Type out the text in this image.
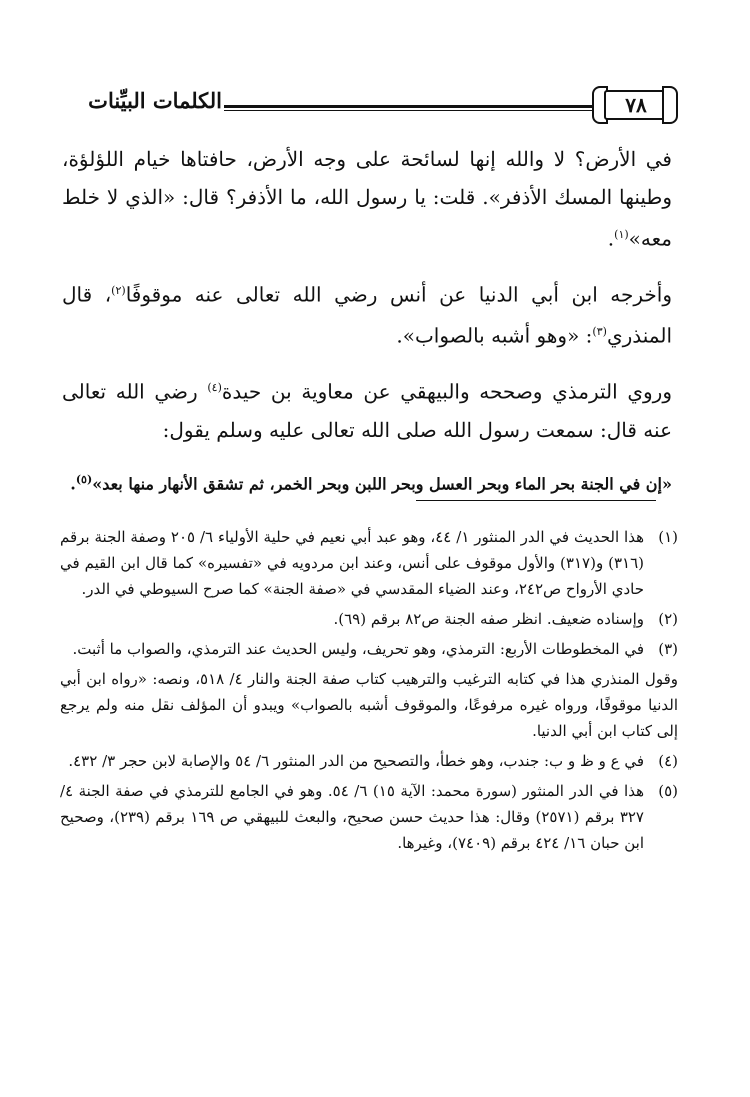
الكلمات البيِّنات	٧٨

في الأرض؟ لا والله إنها لسائحة على وجه الأرض، حافتاها خيام اللؤلؤة، وطينها المسك الأذفر». قلت: يا رسول الله، ما الأذفر؟ قال: «الذي لا خلط معه»$^{(١)}$.

وأخرجه ابن أبي الدنيا عن أنس رضي الله تعالى عنه موقوفًا$^{(٢)}$، قال المنذري$^{(٣)}$: «وهو أشبه بالصواب».

وروي الترمذي وصححه والبيهقي عن معاوية بن حيدة$^{(٤)}$ رضي الله تعالى عنه قال: سمعت رسول الله صلى الله تعالى عليه وسلم يقول:

«إن في الجنة بحر الماء وبحر العسل وبحر اللبن وبحر الخمر، ثم تشقق الأنهار منها بعد»$^{(٥)}$.

(١)
هذا الحديث في الدر المنثور ١/ ٤٤، وهو عبد أبي نعيم في حلية الأولياء ٦/ ٢٠٥ وصفة الجنة برقم (٣١٦) و(٣١٧) والأول موقوف على أنس، وعند ابن مردويه في «تفسيره» كما قال ابن القيم في حادي الأرواح ص٢٤٢، وعند الضياء المقدسي في «صفة الجنة» كما صرح السيوطي في الدر.

(٢)
وإسناده ضعيف. انظر صفه الجنة ص٨٢ برقم (٦٩).

(٣)
في المخطوطات الأربع: الترمذي، وهو تحريف، وليس الحديث عند الترمذي، والصواب ما أثبت.

وقول المنذري هذا في كتابه الترغيب والترهيب كتاب صفة الجنة والنار ٤/ ٥١٨، ونصه: «رواه ابن أبي الدنيا موقوفًا، ورواه غيره مرفوعًا، والموقوف أشبه بالصواب» ويبدو أن المؤلف نقل منه ولم يرجع إلى كتاب ابن أبي الدنيا.

(٤)
في ع و ظ و ب: جندب، وهو خطأ، والتصحيح من الدر المنثور ٦/ ٥٤ والإصابة لابن حجر ٣/ ٤٣٢.

(٥)
هذا في الدر المنثور (سورة محمد: الآية ١٥) ٦/ ٥٤. وهو في الجامع للترمذي في صفة الجنة ٤/ ٣٢٧ برقم (٢٥٧١) وقال: هذا حديث حسن صحيح، والبعث للبيهقي ص ١٦٩ برقم (٢٣٩)، وصحيح ابن حبان ١٦/ ٤٢٤ برقم (٧٤٠٩)، وغيرها.
